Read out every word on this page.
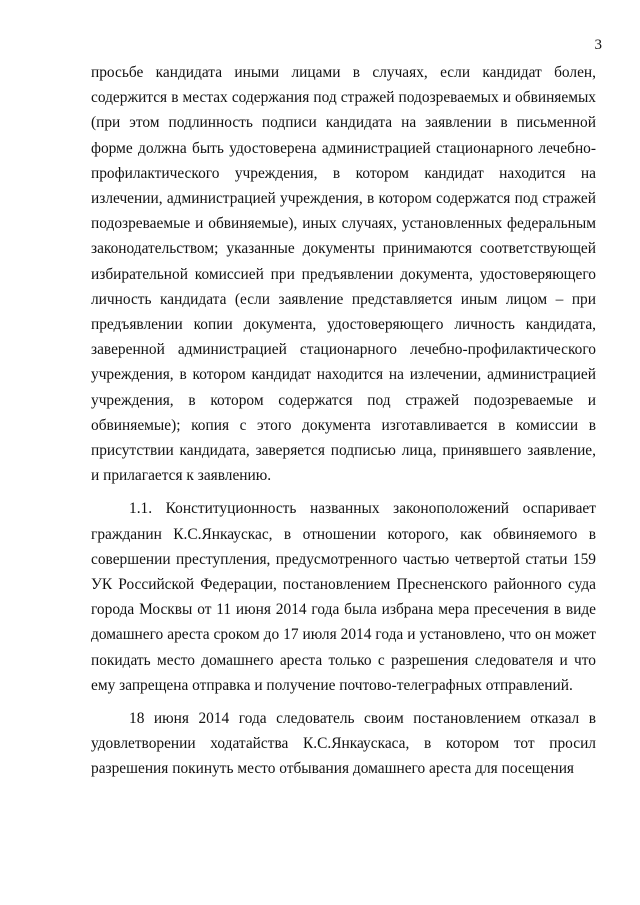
3

просьбе кандидата иными лицами в случаях, если кандидат болен, содержится в местах содержания под стражей подозреваемых и обвиняемых (при этом подлинность подписи кандидата на заявлении в письменной форме должна быть удостоверена администрацией стационарного лечебно-профилактического учреждения, в котором кандидат находится на излечении, администрацией учреждения, в котором содержатся под стражей подозреваемые и обвиняемые), иных случаях, установленных федеральным законодательством; указанные документы принимаются соответствующей избирательной комиссией при предъявлении документа, удостоверяющего личность кандидата (если заявление представляется иным лицом – при предъявлении копии документа, удостоверяющего личность кандидата, заверенной администрацией стационарного лечебно-профилактического учреждения, в котором кандидат находится на излечении, администрацией учреждения, в котором содержатся под стражей подозреваемые и обвиняемые); копия с этого документа изготавливается в комиссии в присутствии кандидата, заверяется подписью лица, принявшего заявление, и прилагается к заявлению.

1.1. Конституционность названных законоположений оспаривает гражданин К.С.Янкаускас, в отношении которого, как обвиняемого в совершении преступления, предусмотренного частью четвертой статьи 159 УК Российской Федерации, постановлением Пресненского районного суда города Москвы от 11 июня 2014 года была избрана мера пресечения в виде домашнего ареста сроком до 17 июля 2014 года и установлено, что он может покидать место домашнего ареста только с разрешения следователя и что ему запрещена отправка и получение почтово-телеграфных отправлений.

18 июня 2014 года следователь своим постановлением отказал в удовлетворении ходатайства К.С.Янкаускаса, в котором тот просил разрешения покинуть место отбывания домашнего ареста для посещения
